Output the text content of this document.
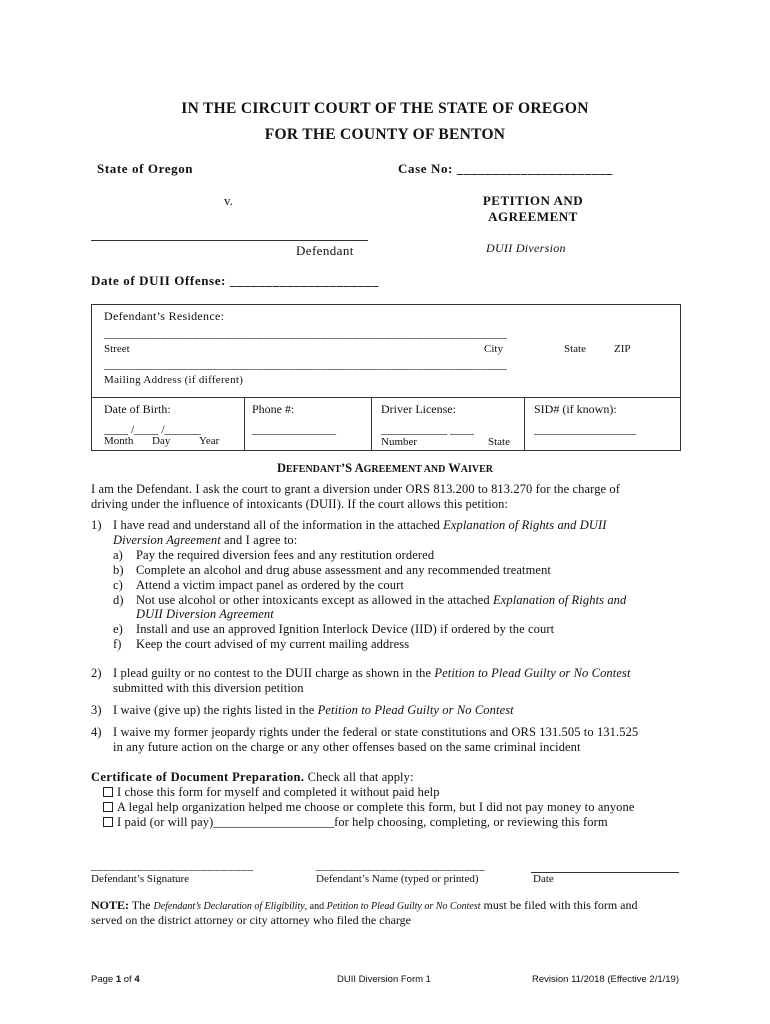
IN THE CIRCUIT COURT OF THE STATE OF OREGON
FOR THE COUNTY OF BENTON
State of Oregon	Case No: ______________________
v.	PETITION AND
AGREEMENT
Defendant	DUII Diversion
Date of DUII Offense: _____________________
Defendant’s Residence:
_______________________________________________________________
Street	City	State	ZIP
_______________________________________________________________
Mailing Address (if different)
Date of Birth:
____ /____ /______
Month Day	Year
Phone #:
______________
Driver License:
___________ ____
Number	State
SID# (if known):
_________________
DEFENDANT’S AGREEMENT AND WAIVER
I am the Defendant. I ask the court to grant a diversion under ORS 813.200 to 813.270 for the charge of
driving under the influence of intoxicants (DUII). If the court allows this petition:
1) I have read and understand all of the information in the attached Explanation of Rights and DUII
Diversion Agreement and I agree to:
a) Pay the required diversion fees and any restitution ordered
b) Complete an alcohol and drug abuse assessment and any recommended treatment
c) Attend a victim impact panel as ordered by the court
d) Not use alcohol or other intoxicants except as allowed in the attached Explanation of Rights and
DUII Diversion Agreement
e) Install and use an approved Ignition Interlock Device (IID) if ordered by the court
f) Keep the court advised of my current mailing address
2) I plead guilty or no contest to the DUII charge as shown in the Petition to Plead Guilty or No Contest
submitted with this diversion petition
3) I waive (give up) the rights listed in the Petition to Plead Guilty or No Contest
4) I waive my former jeopardy rights under the federal or state constitutions and ORS 131.505 to 131.525
in any future action on the charge or any other offenses based on the same criminal incident
Certificate of Document Preparation. Check all that apply:
I chose this form for myself and completed it without paid help
A legal help organization helped me choose or complete this form, but I did not pay money to anyone
I paid (or will pay)___________________for help choosing, completing, or reviewing this form
_________________________	__________________________
Defendant’s Signature	Defendant’s Name (typed or printed)	Date
NOTE: The Defendant’s Declaration of Eligibility, and Petition to Plead Guilty or No Contest must be filed with this form and
served on the district attorney or city attorney who filed the charge
Page 1 of 4	DUII Diversion Form 1	Revision 11/2018 (Effective 2/1/19)
